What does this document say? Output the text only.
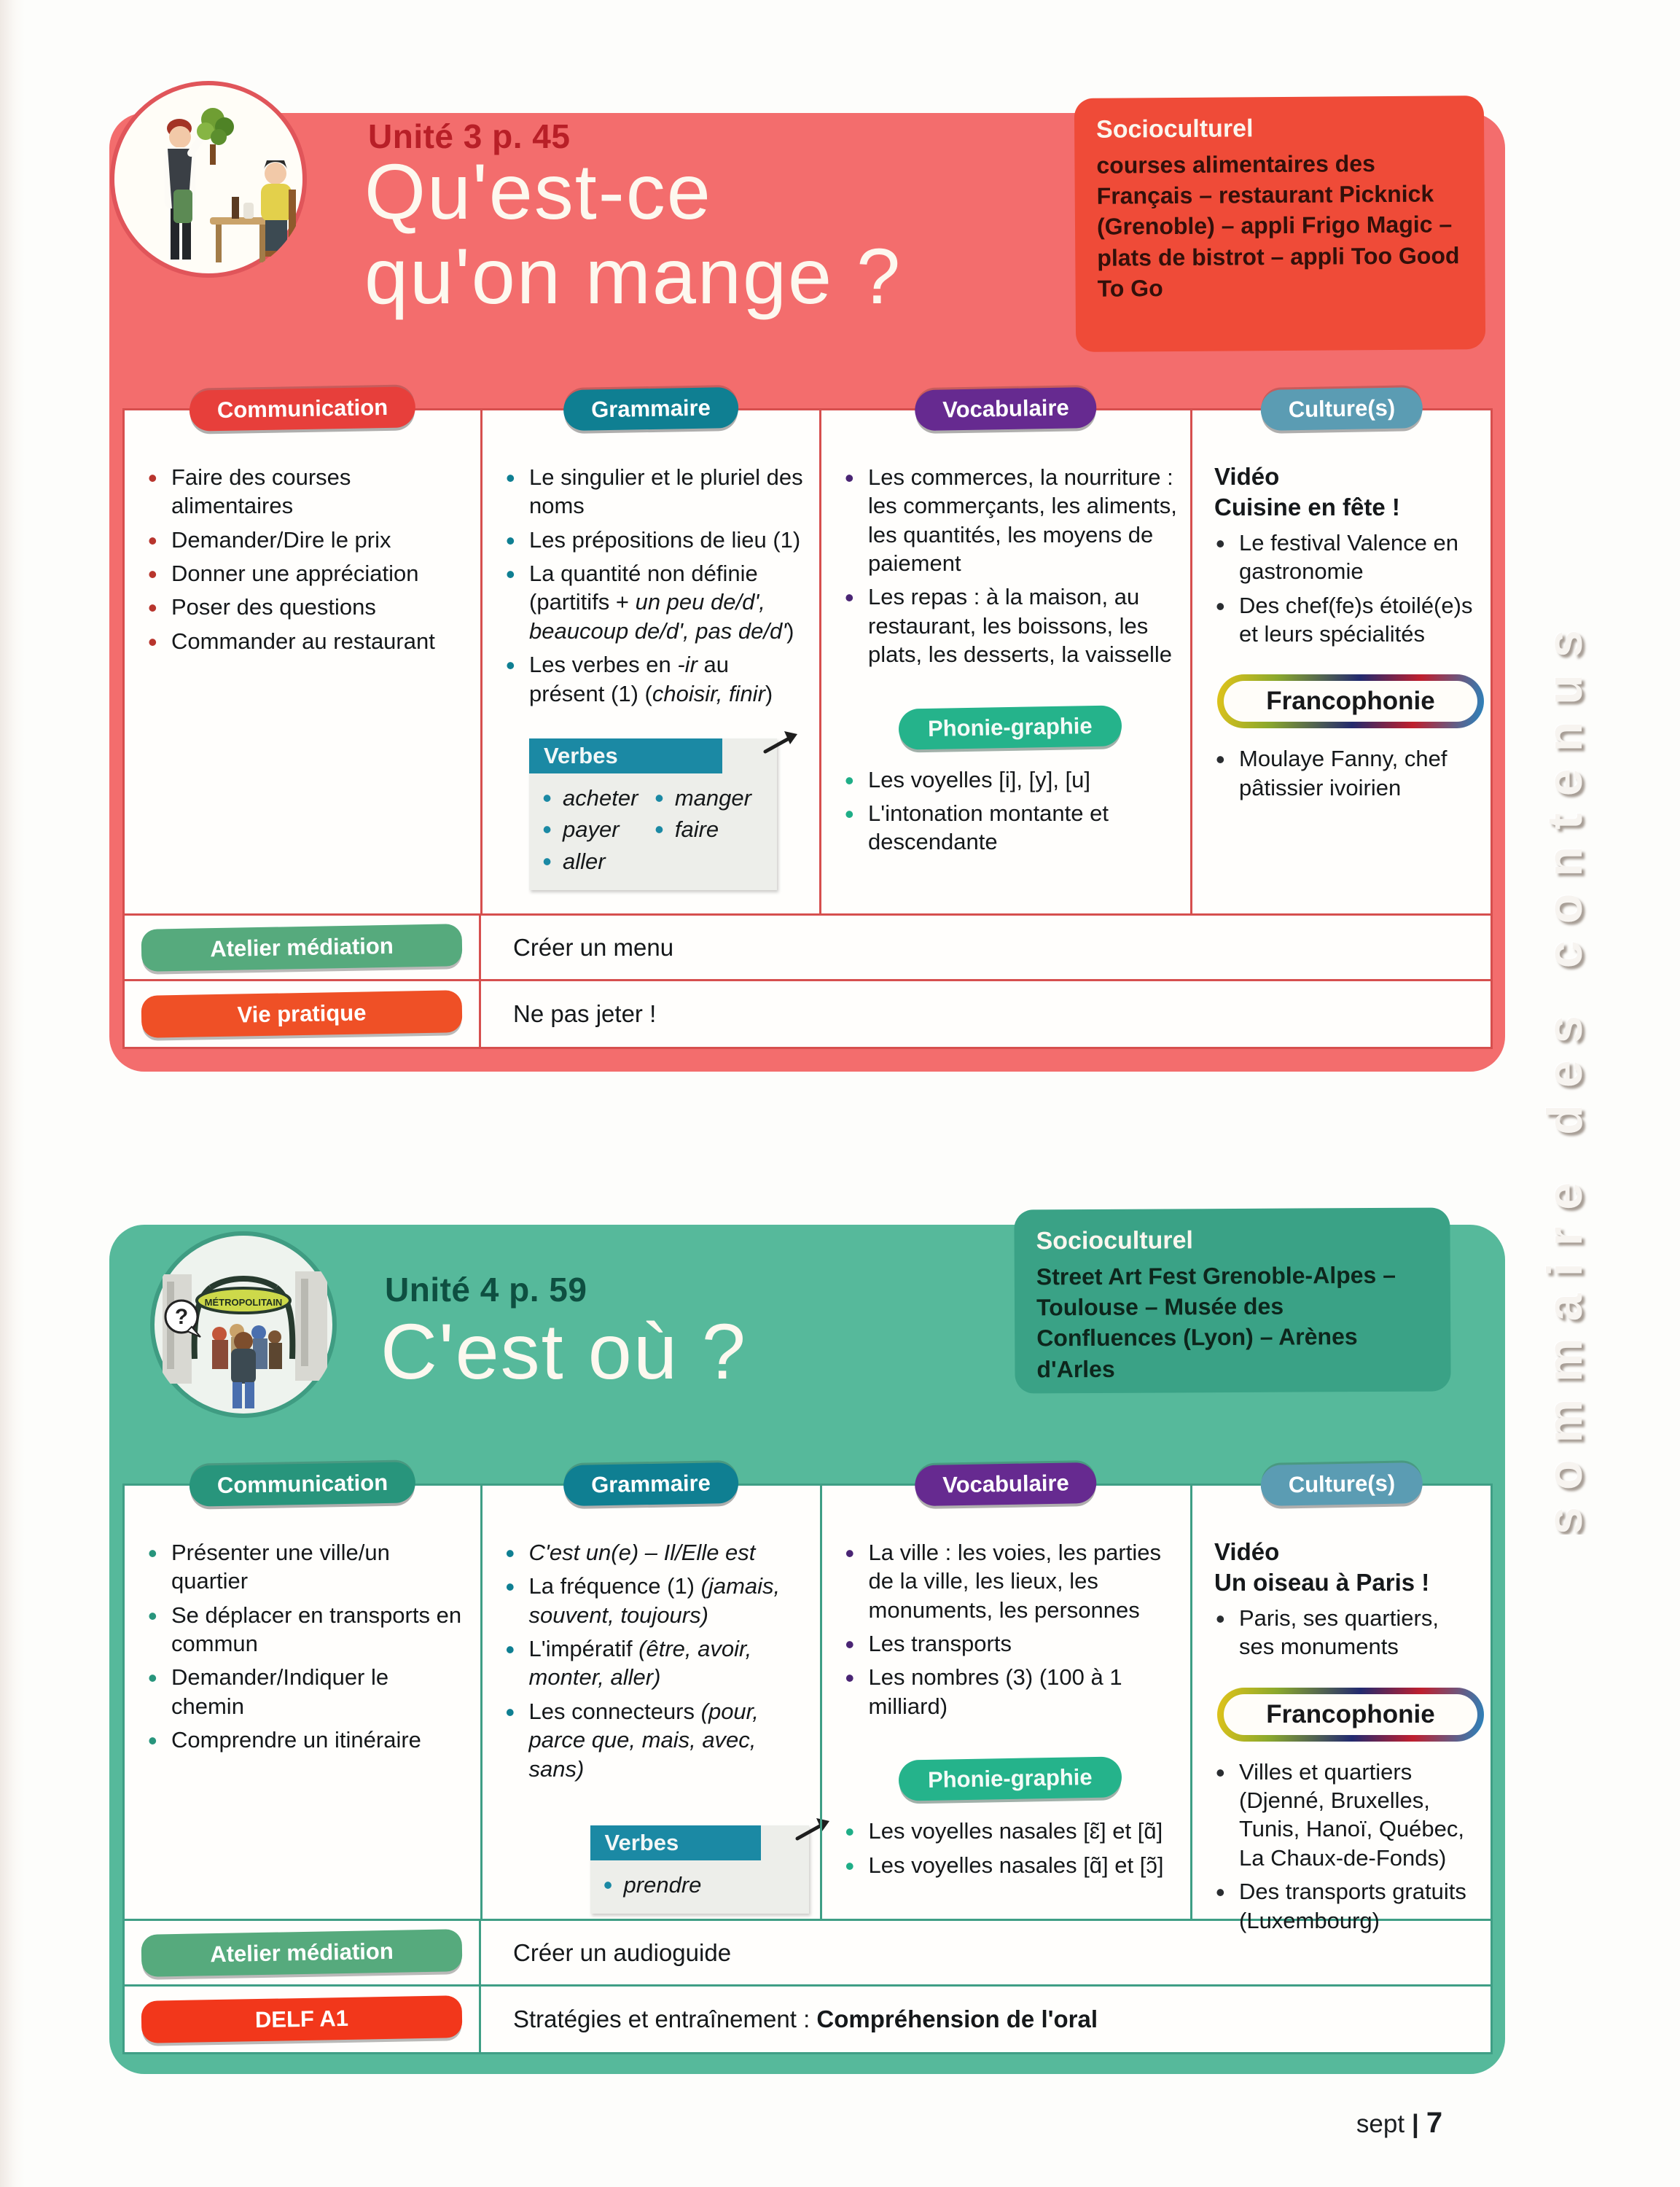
Unité 3 p. 45
Qu'est-ce
qu'on mange ?
Socioculturel
courses alimentaires des Français – restaurant Picknick (Grenoble) – appli Frigo Magic – plats de bistrot – appli Too Good To Go
Communication
• Faire des courses alimentaires
• Demander/Dire le prix
• Donner une appréciation
• Poser des questions
• Commander au restaurant
Grammaire
• Le singulier et le pluriel des noms
• Les prépositions de lieu (1)
• La quantité non définie (partitifs + un peu de/d', beaucoup de/d', pas de/d')
• Les verbes en -ir au présent (1) (choisir, finir)
Verbes
• acheter
• payer
• aller

• manger
• faire
Vocabulaire
• Les commerces, la nourriture : les commerçants, les aliments, les quantités, les moyens de paiement
• Les repas : à la maison, au restaurant, les boissons, les plats, les desserts, la vaisselle
Phonie-graphie
• Les voyelles [i], [y], [u]
• L'intonation montante et descendante
Culture(s)
Vidéo
Cuisine en fête !
• Le festival Valence en gastronomie
• Des chef(fe)s étoilé(e)s et leurs spécialités
Francophonie
• Moulaye Fanny, chef pâtissier ivoirien
Atelier médiation	Créer un menu
Vie pratique	Ne pas jeter !
MÉTROPOLITAIN
?
Unité 4 p. 59
C'est où ?
Socioculturel
Street Art Fest Grenoble-Alpes – Toulouse – Musée des Confluences (Lyon) – Arènes d'Arles
Communication
• Présenter une ville/un quartier
• Se déplacer en transports en commun
• Demander/Indiquer le chemin
• Comprendre un itinéraire
Grammaire
• C'est un(e) – Il/Elle est
• La fréquence (1) (jamais, souvent, toujours)
• L'impératif (être, avoir, monter, aller)
• Les connecteurs (pour, parce que, mais, avec, sans)
Verbes
• prendre
Vocabulaire
• La ville : les voies, les parties de la ville, les lieux, les monuments, les personnes
• Les transports
• Les nombres (3) (100 à 1 milliard)
Phonie-graphie
• Les voyelles nasales [ɛ̃] et [ɑ̃]
• Les voyelles nasales [ɑ̃] et [ɔ̃]
Culture(s)
Vidéo
Un oiseau à Paris !
• Paris, ses quartiers, ses monuments
Francophonie
• Villes et quartiers (Djenné, Bruxelles, Tunis, Hanoï, Québec, La Chaux-de-Fonds)
• Des transports gratuits (Luxembourg)
Atelier médiation	Créer un audioguide
DELF A1	Stratégies et entraînement : Compréhension de l'oral
sommaire des contenus
sept | 7
